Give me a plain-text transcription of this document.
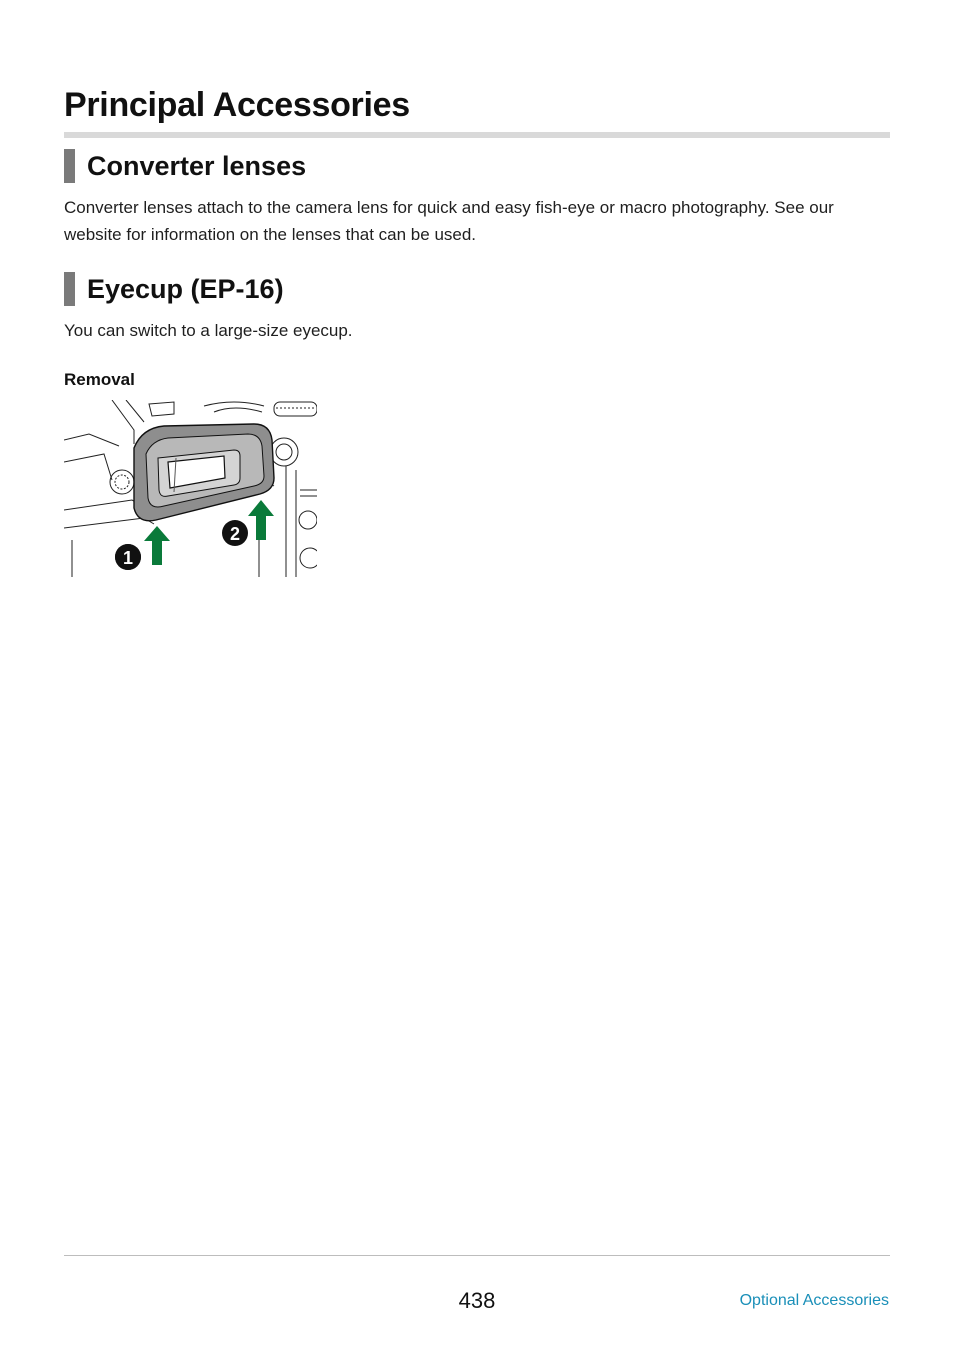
Principal Accessories
Converter lenses

Converter lenses attach to the camera lens for quick and easy fish-eye or macro photography. See our website for information on the lenses that can be used.

Eyecup (EP-16)

You can switch to a large-size eyecup.

Removal
1
2
438	Optional Accessories
